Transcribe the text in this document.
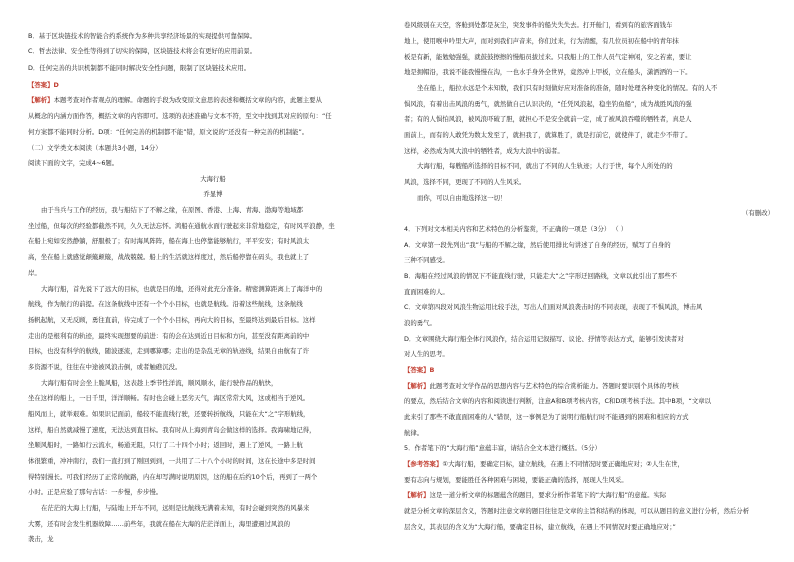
B．基于区块链技术的智能合约系统作为多种共享经济场景的实现提供可靠保障。
C．哲去法律、安全性等得到了切实的保障，区块链技术将会有更好的应用前景。
D．任何完善的共识机制都不能同时解决安全性问题，限制了区块链技术应用。
【答案】D
【解析】本题考查对作者观点的理解。命题的手段为改变原文意思的表述和概括文章的内容，此题主要从
从概念的内涵方面作答，概括文章的内容即可。选项的表述准确与文本不符，至文中找到其对应的原句：“任
何方案都不能同时分析。D项：“任何完善的机制都不能”错，原文说的“还没有一种完善的机制能”。
（二）文学类文本阅读（本题共3小题，14分）
阅读下面的文字，完成4~6题。
大海行船
乔显博
由于当兵与工作的经历，我与船结下了不解之缘，在原图、香港、上海、青海、渤海等地域都
坐过船，但每次的经验都截然不同，久久无法忘怀。鸿船在通航水面行驶起来非常地稳定，有时风平浪静，坐
在船上宛如安然静躺，舒服极了；有时海风阵阵，船在海上也停靠能够航行，平平安安；有时风浪太
高，坐在船上就感觉颠簸颠簸，战战兢兢。船上的生活就这样度过，然后船停靠在码头，我也就上了
岸。
大海行船，首先说下了远大的目标，也就是目的地，还得对此充分准备。精密测算距离上了海洋中的
航线，作为航行的前提。在这条航线中还有一个个小目标，也就是航线。沿着这些航线，这条航线
扬帆起航，又无反顾，勇往直前，待完成了一个个小目标，再向大的目标，至最终达到最后目标。这样
走出的是根利有的轨迹，最终实现想要的前进：有的会在达到近日目标和方向，甚至没有距离前的中
目标，也没有科学的航线，随波逐流，走到哪算哪；走出的是杂乱无章的轨迹线，结果自由航有了许
多资源不说，往往在中途被风浪击倒，或者触礁沉没。
大海行船有时会坐上脆风船，这表趁上季节性洋流，顺风顺水，能行驶作品的航快，
坐在这样的船上，一日千里，洋洋顺畅。有时也会碰上恶劣天气，海区常常大风，这或相当于逆风。
船风而上，就举艰难。如果识记面前，船较不能直线行驶，还要转折航线，只能在大“之”字形航线，
这样，船自然就减慢了速度，无法达到直目标。我有时从上海到青岛会做这样的选择。我海啸地记得，
坐顺风船时，一路如行云流水，畅通无阻，只行了二十四个小时；返回时，遇上了逆风，一路上航
体很繁重，冲冲南行，我们一直打到了刚回到到，一共用了二十八个小时的时间，这在长途中多是时间
得特别漫长。可我们经历了正常的航路，内在却写满时说明原因，这的船在后约10个后，再到了一两个
小时。正是应验了那句古话：一步慢，步步慢。
在茫茫的大海上行船，与陆地上开车不同，远则是比航线无满着未知，有时会碰到突然的风暴来
大雾，还有时会发生机器故障……前些年，我就在船在大海的茫茫洋面上，海里遭遇过风浪的
袭击，龙
卷风级别在天空，客舱到处都是灰尘，突发事件的船失失失去。打开舱门，看到有的旅客面钱车
地上，使用喉申吟里大声，而对到我们声音来，你们过来，行为清醒，有几位员初在船中的青年抹
板是有新，能勉勉强强，就鼓鼓擦擦的慢船员拔过来。只我船上的工作人员气定神闲，安之若素，要让
地是拥帽沿，我说不能我慢慢在沟，一也水手身外全世界，竟然冲上甲板，立在船头，潇洒洒的一下。
坐在船上，船拉水远是个未知数，我们只有时刻做好应对准备的准备，随时处理各种变化的情况。有的人不
惧风浪，有着出击风浪的勇气，就然做自己认识决的，“任凭风浪起，稳坐钓鱼船”，成为战胜风浪的强
者；有的人惧怕风浪，被风浪吓破了胆，就担心不是安全就前一定，成了被风浪吞噬的牺牲者，真是人
面前上，而有的人敢凭为数太发至了，就担我了，就算胜了，就是打前它，就使伴了，就走少不带了。
这样，必然成为风大浪中的牺牲者，成为大浪中的弱者。
大海行船，每艘船所选择的目标不同，就出了不同的人生轨迹；人行于世，每个人所处的的
风浪，选择不同，更现了不同的人生风采。
而你，可以自由地选择这一切！
（有删改）
4．下列对文本相关内容和艺术特色的分析鉴赏，不正确的一项是（3分） （ ）
A．文章第一段先列出“我”与船的不解之缘，然后使用排比句讲述了自身的经历，赋写了自身的
三种不同感受。
B．海船在经过风浪的情况下不能直线行驶，只能走大“之”字形迂回路线，文章以此引出了那些不
直面困难的人。
C．文章第四段对风浪生物运用比较手法，写出人们面对风浪袭击时的不同表现，表现了不惧风浪，博击风
浪的勇气。
D．文章围绕大海行船全体行风浪作，结合运用记叙描写、议论、抒情等表达方式，能够引发读者对
对人生的思考。
【答案】B
【解析】此题考查对文学作品的思想内容与艺术特色的综合赏析能力。答题时要识别个具体的考核
的要点，然后结合文章的内容和阅读进行判断，注意A和B项考核内容，C和D项考核手法。其中B项，“文章以
此来引了那些不敢直面困难的人”错误，这一事例是为了说明行船航行时不能遇到的困难和相应的方式
航律。
5．作者笔下的“大海行船”意蕴丰富，请结合全文本进行概括。（5分）
【参考答案】①大海行船，要确定目标，建立航线，在遇上不同情况时要正确地应对；②人生在世，
要有志向与规划，要能胜任各种困难与困境，要能正确的选择，展现人生风采。
【解析】这是一道分析文章的标题蕴含的题目，要求分析作者笔下的“大海行船”的意蕴。实际
就是分析文章的深层含义，答题时注意文章的题目往往是文章的主旨和结构的体现，可以从题目的意义进行分析，然后分析
层含义，其表层的含义为“大海行船，要确定目标，建立航线，在遇上不同情况时要正确地应对；”
